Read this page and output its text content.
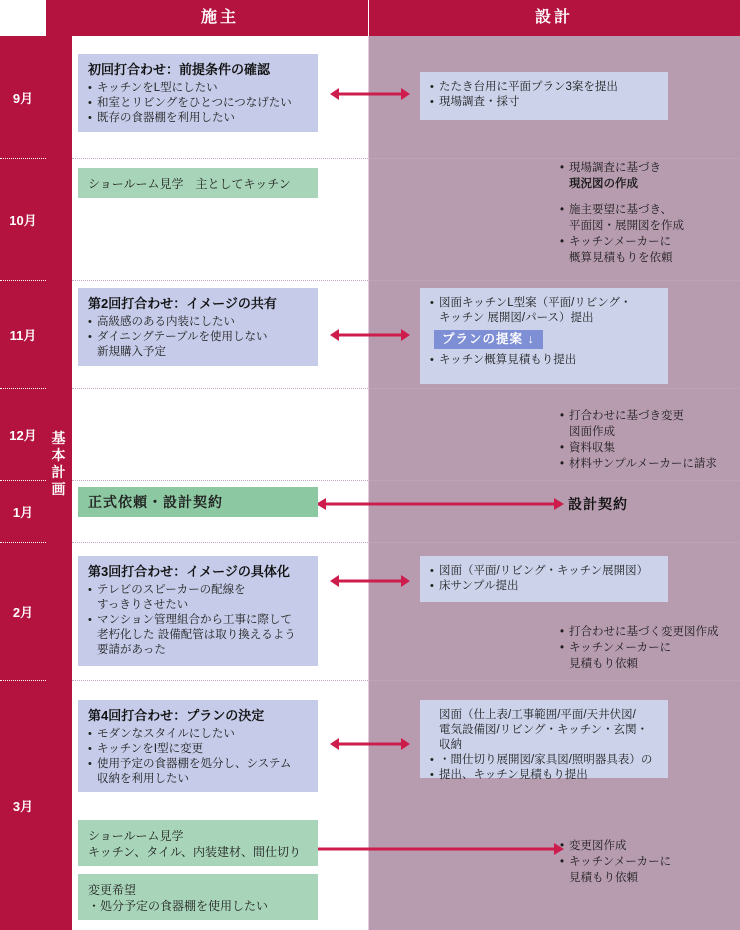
施主	設計
9月
10月
11月
12月
1月
2月
3月
基
本
計
画
初回打合わせ：前提条件の確認
• キッチンをL型にしたい
• 和室とリビングをひとつにつなげたい
• 既存の食器棚を利用したい
ショールーム見学　主としてキッチン
第2回打合わせ：イメージの共有
• 高級感のある内装にしたい
• ダイニングテーブルを使用しない
新規購入予定
正式依頼・設計契約
第3回打合わせ：イメージの具体化
• テレビのスピーカーの配線を
すっきりさせたい
• マンション管理組合から工事に際して
老朽化した 設備配管は取り換えるよう
要請があった
第4回打合わせ：プランの決定
• モダンなスタイルにしたい
• キッチンをⅠ型に変更
• 使用予定の食器棚を処分し、システム
収納を利用したい
ショールーム見学
キッチン、タイル、内装建材、間仕切り
変更希望
・処分予定の食器棚を使用したい
• たたき台用に平面プラン3案を提出
• 現場調査・採寸
• 図面キッチンL型案（平面/リビング・
キッチン 展開図/パース）提出
プランの提案 ↓
• キッチン概算見積もり提出
• 図面（平面/リビング・キッチン展開図）
• 床サンプル提出
図面（仕上表/工事範囲/平面/天井伏図/
電気設備図/リビング・キッチン・玄関・収納
• ・間仕切り展開図/家具図/照明器具表）の
• 提出、キッチン見積もり提出
• 現場調査に基づき
現況図の作成
• 施主要望に基づき、
平面図・展開図を作成
• キッチンメーカーに
概算見積もりを依頼
• 打合わせに基づき変更
図面作成
• 資料収集
• 材料サンプルメーカーに請求
• 打合わせに基づく変更図作成
• キッチンメーカーに
見積もり依頼
• 変更図作成
• キッチンメーカーに
見積もり依頼
設計契約
